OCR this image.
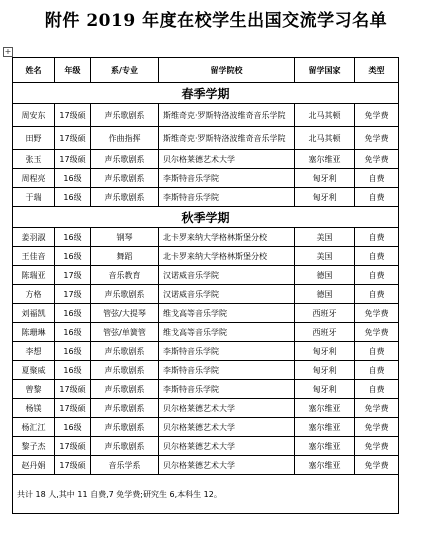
附件 2019 年度在校学生出国交流学习名单
+
姓名	年级	系/专业	留学院校	留学国家	类型
春季学期					
周安东	17级硕	声乐歌剧系	斯维奇克·罗斯特洛波维奇音乐学院	北马其顿	免学费
田野	17级硕	作曲指挥	斯维奇克·罗斯特洛波维奇音乐学院	北马其顿	免学费
张玉	17级硕	声乐歌剧系	贝尔格莱德艺术大学	塞尔维亚	免学费
周程亮	16级	声乐歌剧系	李斯特音乐学院	匈牙利	自费
于瑞	16级	声乐歌剧系	李斯特音乐学院	匈牙利	自费
秋季学期					
姜羽淑	16级	钢琴	北卡罗来纳大学格林斯堡分校	美国	自费
王佳音	16级	舞蹈	北卡罗来纳大学格林斯堡分校	美国	自费
陈瑞亚	17级	音乐教育	汉诺威音乐学院	德国	自费
方格	17级	声乐歌剧系	汉诺威音乐学院	德国	自费
刘福凯	16级	管弦/大提琴	维戈高等音乐学院	西班牙	免学费
陈珊琳	16级	管弦/单簧管	维戈高等音乐学院	西班牙	免学费
李想	16级	声乐歌剧系	李斯特音乐学院	匈牙利	自费
夏聚威	16级	声乐歌剧系	李斯特音乐学院	匈牙利	自费
曾黎	17级硕	声乐歌剧系	李斯特音乐学院	匈牙利	自费
杨镁	17级硕	声乐歌剧系	贝尔格莱德艺术大学	塞尔维亚	免学费
杨汇江	16级	声乐歌剧系	贝尔格莱德艺术大学	塞尔维亚	免学费
黎子杰	17级硕	声乐歌剧系	贝尔格莱德艺术大学	塞尔维亚	免学费
赵丹娟	17级硕	音乐学系	贝尔格莱德艺术大学	塞尔维亚	免学费
共计 18 人,其中 11 自费,7 免学费;研究生 6,本科生 12。					
